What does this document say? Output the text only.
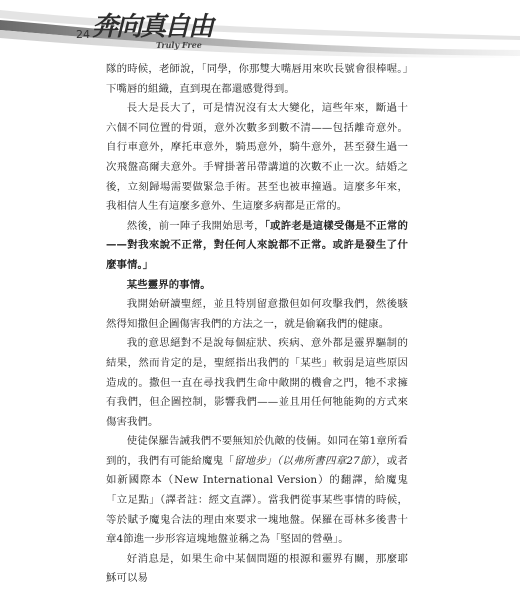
24 奔向真自由
Truly Free

隊的時候，老師說，「同學，你那雙大嘴唇用來吹長號會很棒喔。」下嘴唇的組織，直到現在都還感覺得到。

長大是長大了，可是情況沒有太大變化，這些年來，斷過十六個不同位置的骨頭，意外次數多到數不清——包括離奇意外。自行車意外，摩托車意外，騎馬意外，騎牛意外，甚至發生過一次飛盤高爾夫意外。手臂掛著吊帶講道的次數不止一次。結婚之後，立刻歸場需要做緊急手術。甚至也被車撞過。這麼多年來，我相信人生有這麼多意外、生這麼多病都是正常的。

然後，前一陣子我開始思考，「或許老是這樣受傷是不正常的——對我來說不正常，對任何人來說都不正常。或許是發生了什麼事情。」

某些靈界的事情。

我開始研讀聖經，並且特別留意撒但如何攻擊我們，然後駭然得知撒但企圖傷害我們的方法之一，就是偷竊我們的健康。

我的意思絕對不是說每個症狀、疾病、意外都是靈界驅制的結果，然而肯定的是，聖經指出我們的「某些」軟弱是這些原因造成的。撒但一直在尋找我們生命中敞開的機會之門，牠不求擁有我們，但企圖控制，影響我們——並且用任何牠能夠的方式來傷害我們。

使徒保羅告誡我們不要無知於仇敵的伎倆。如同在第1章所看到的，我們有可能給魔鬼「留地步」（以弗所書四章27節），或者如新國際本（New International Version）的翻譯，給魔鬼「立足點」（譯者註：經文直譯）。當我們從事某些事情的時候，等於賦予魔鬼合法的理由來要求一塊地盤。保羅在哥林多後書十章4節進一步形容這塊地盤並稱之為「堅固的營壘」。

好消息是，如果生命中某個問題的根源和靈界有關，那麼耶穌可以易
